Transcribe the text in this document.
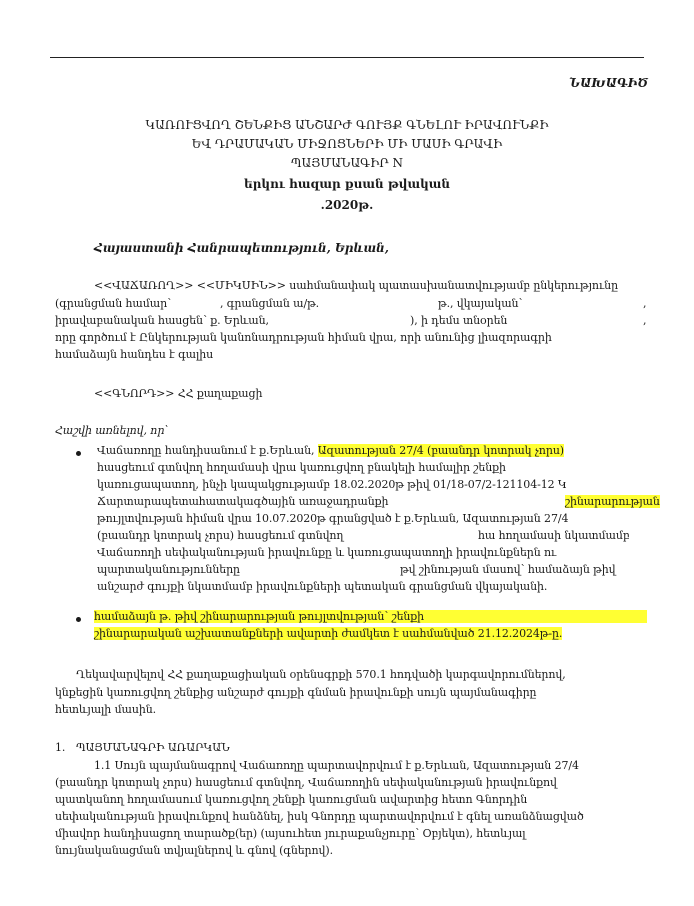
ՆԱԽԱԳԻԾ
ԿԱՌՈՒՑՎՈՂ ՇԵՆՔԻՑ ԱՆՇԱՐԺ ԳՈՒՅՔ ԳՆԵԼՈՒ ԻՐԱՎՈՒՆՔԻ
ԵՎ ԴՐԱՄԱԿԱՆ ՄԻՋՈՑՆԵՐԻ ՄԻ ՄԱՍԻ ԳՐԱՎԻ
ՊԱՅՄԱՆԱԳԻՐ N
երկու հազար քսան թվական
.2020թ.
Հայաստանի Հանրապետություն, Երևան,
<<ՎԱՃԱՌՈՂ>> <<ՄԻԿՍԻՆ>> սահմանափակ պատասխանատվությամբ ընկերությունը
(գրանցման համար՝	, գրանցման ա/թ.	թ., վկայական՝	,
իրավաբանական հասցեն՝ ք. Երևան,	), ի դեմս տնօրեն	,
որը գործում է Ընկերության կանոնադրության հիման վրա, որի անունից լիազորագրի
համաձայն հանդես է գալիս
<<ԳՆՈՐԴ>> ՀՀ քաղաքացի
Հաշվի առնելով, որ՝
Վաճառողը հանդիսանում է ք.Երևան, Ազատության 27/4 (բաանդր կոտրակ չորս)
հասցեում գտնվող հողամասի վրա կառուցվող բնակելի համալիր շենքի
կառուցապատող, ինչի կապակցությամբ 18.02.2020թ թիվ 01/18-07/2-121104-12 Կ
Ճարտարապետահատակագծային առաջադրանքի	շինարարության
թույլտվության հիման վրա 10.07.2020թ գրանցված է ք.Երևան, Ազատության 27/4
(բաանդր կոտրակ չորս) հասցեում գտնվող	հա հողամասի նկատմամբ
Վաճառողի սեփականության իրավունքը և կառուցապատողի իրավունքներն ու
պարտականությունները	թվ շինության մասով՝ համաձայն թիվ
անշարժ գույքի նկատմամբ իրավունքների պետական գրանցման վկայականի.
համաձայն թ. թիվ շինարարության թույլտվության՝ շենքի
շինարարական աշխատանքների ավարտի ժամկետ է սահմանված 21.12.2024թ-ը.
Ղեկավարվելով ՀՀ քաղաքացիական օրենսգրքի 570.1 հոդվածի կարգավորումներով,
կնքեցին կառուցվող շենքից անշարժ գույքի գնման իրավունքի սույն պայմանագիրը
հետևյալի մասին.
1. ՊԱՅՄԱՆԱԳՐԻ ԱՌԱՐԿԱՆ
1.1 Սույն պայմանագրով Վաճառողը պարտավորվում է ք.Երևան, Ազատության 27/4
(բաանդր կոտրակ չորս) հասցեում գտնվող, Վաճառողին սեփականության իրավունքով
պատկանող հողամասում կառուցվող շենքի կառուցման ավարտից հետո Գնորդին
սեփականության իրավունքով հանձնել, իսկ Գնորդը պարտավորվում է գնել առանձնացված
միավոր հանդիսացող տարածք(եր) (այսուհետ յուրաքանչյուրը՝ Օբյեկտ), հետևյալ
նույնականացման տվյալներով և գնով (գներով).
